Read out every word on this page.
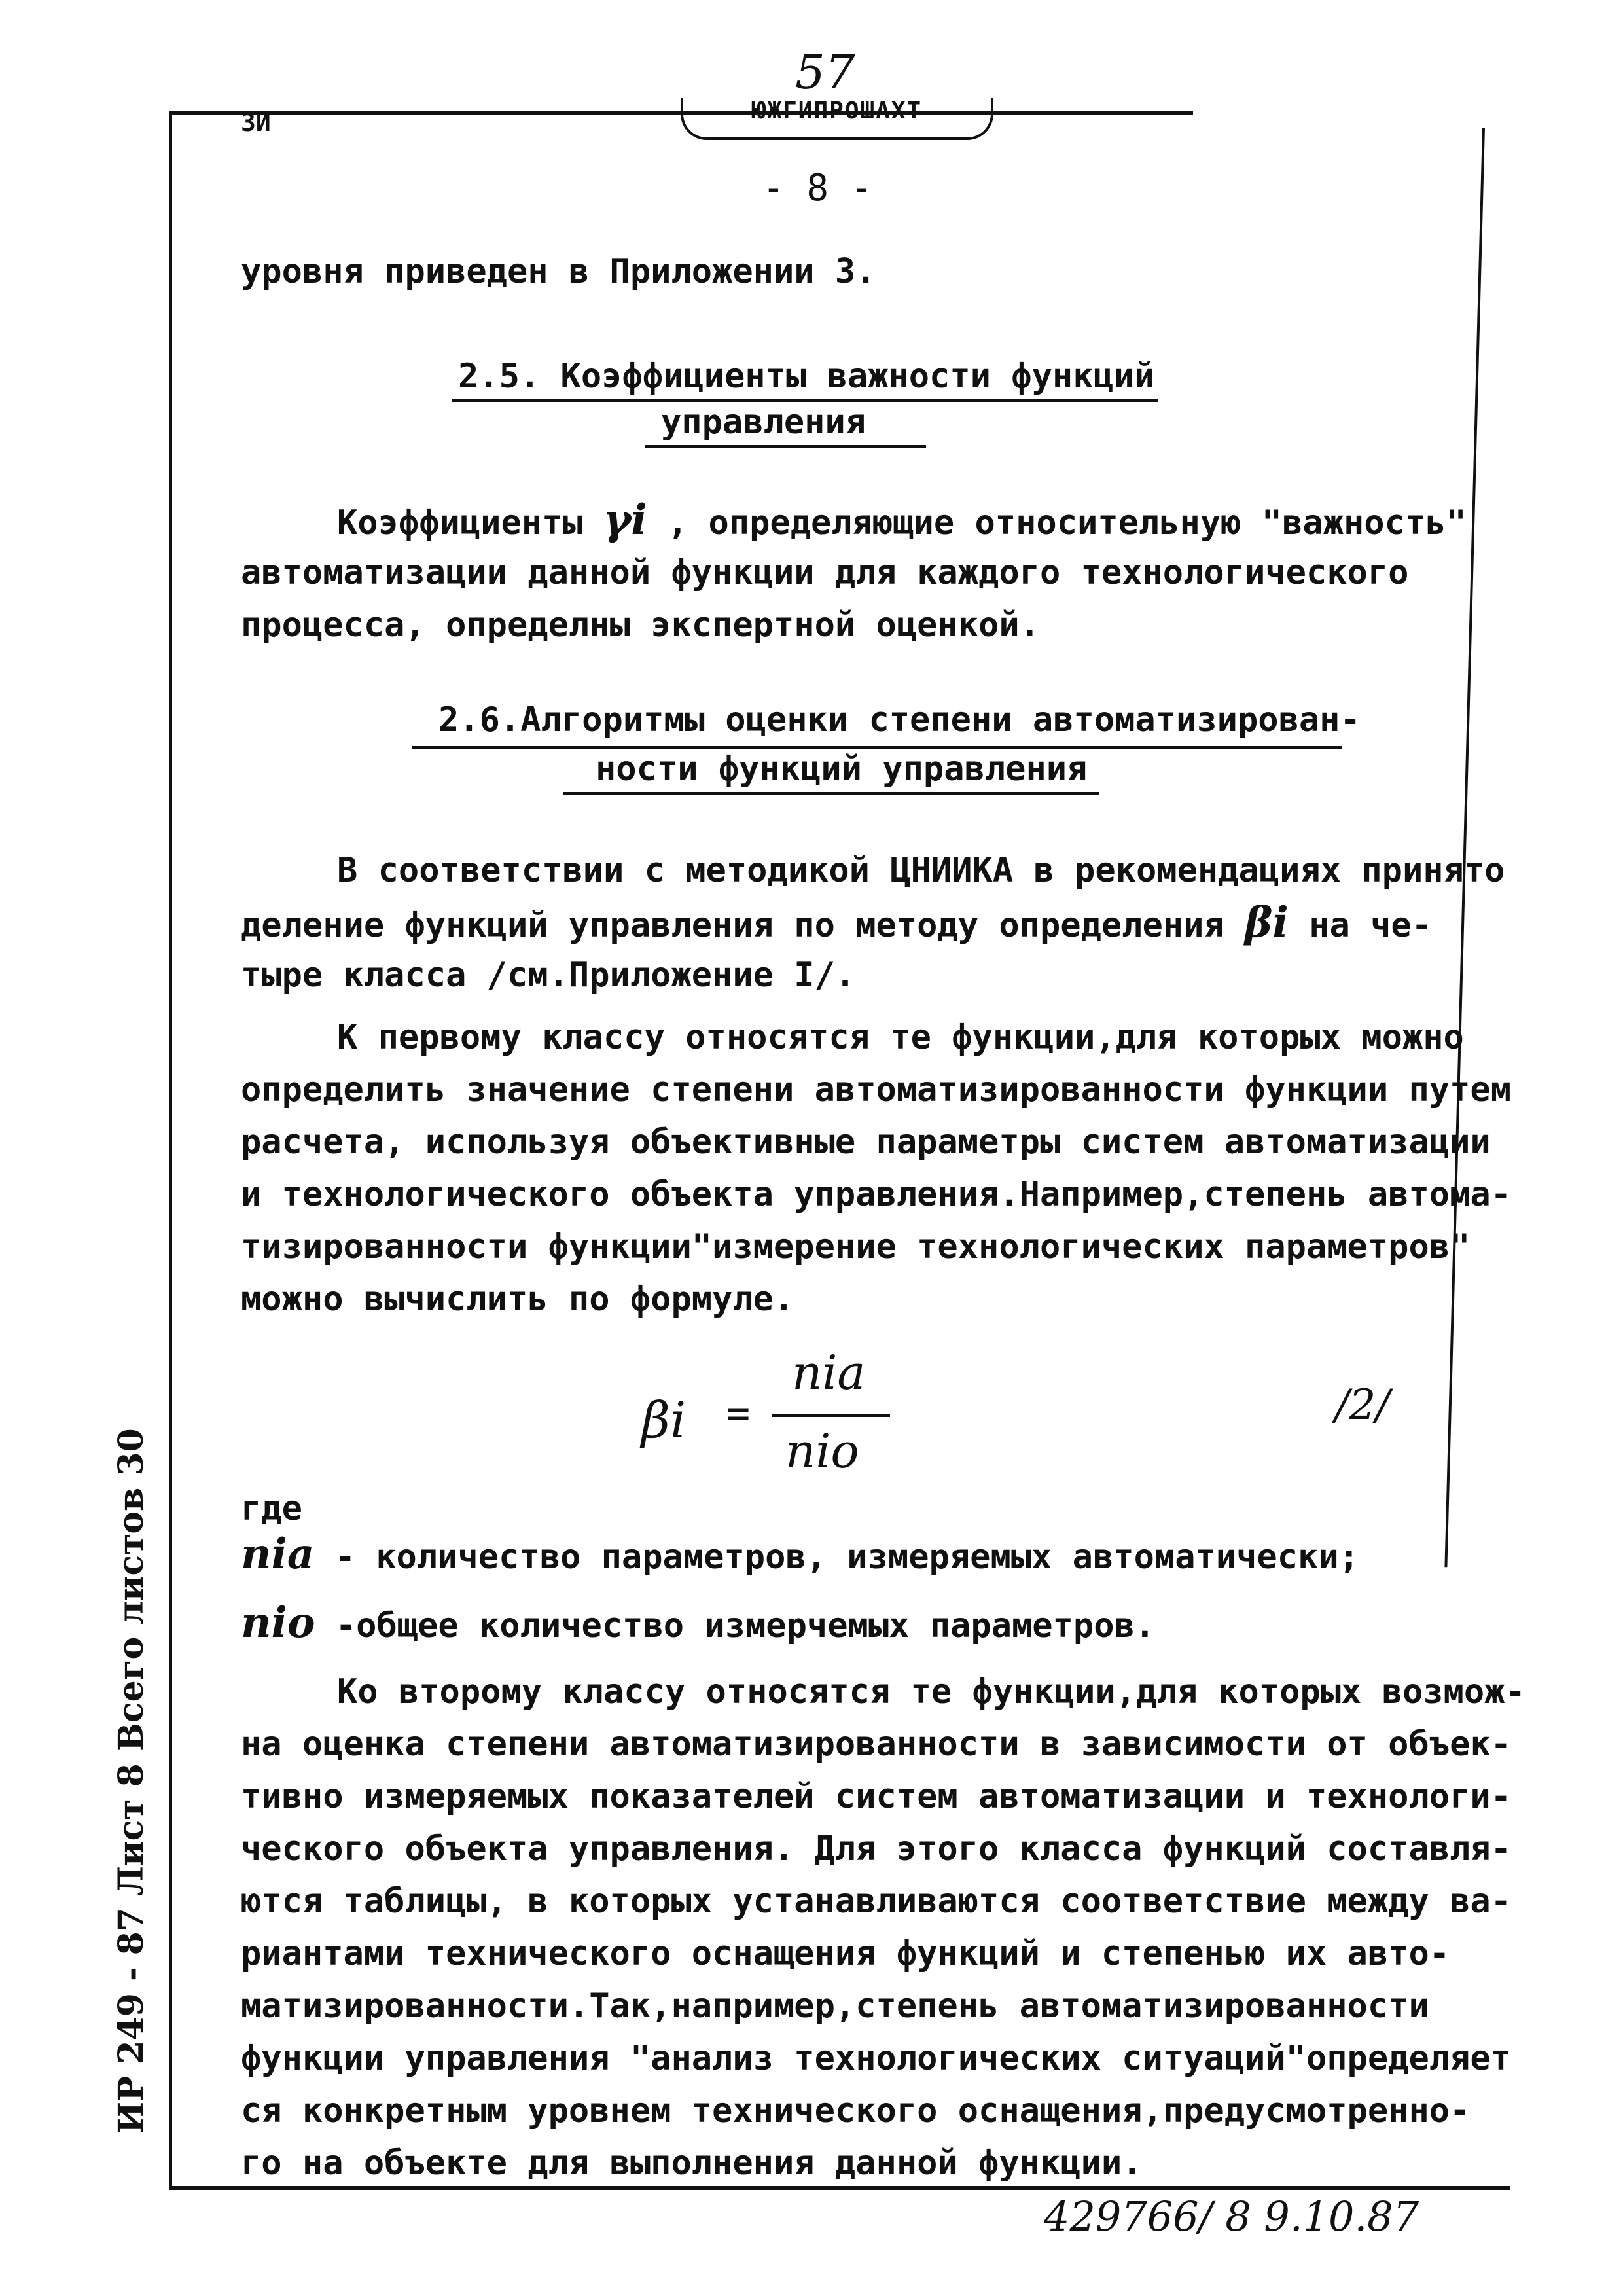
57
ЗИ	ЮЖГИПРОШАХТ
- 8 -
уровня приведен в Приложении 3.
2.5. Коэффициенты важности функций
управления
Коэффициенты γi , определяющие относительную "важность"
автоматизации данной функции для каждого технологического
процесса, определны экспертной оценкой.
2.6.Алгоритмы оценки степени автоматизирован-
ности функций управления
В соответствии с методикой ЦНИИКА в рекомендациях принято
деление функций управления по методу определения βi на че-
тыре класса /см.Приложение I/.
К первому классу относятся те функции,для которых можно
определить значение степени автоматизированности функции путем
расчета, используя объективные параметры систем автоматизации
и технологического объекта управления.Например,степень автома-
тизированности функции"измерение технологических параметров"
можно вычислить по формуле.
βi =
nia
nio
/2/
где
nia - количество параметров, измеряемых автоматически;
nio -общее количество измерчемых параметров.
Ко второму классу относятся те функции,для которых возмож-
на оценка степени автоматизированности в зависимости от объек-
тивно измеряемых показателей систем автоматизации и технологи-
ческого объекта управления. Для этого класса функций составля-
ются таблицы, в которых устанавливаются соответствие между ва-
риантами технического оснащения функций и степенью их авто-
матизированности.Так,например,степень автоматизированности
функции управления "анализ технологических ситуаций"определяет
ся конкретным уровнем технического оснащения,предусмотренно-
го на объекте для выполнения данной функции.
ИР 249 - 87 Лист 8 Всего листов 30
429766/ 8 9.10.87
